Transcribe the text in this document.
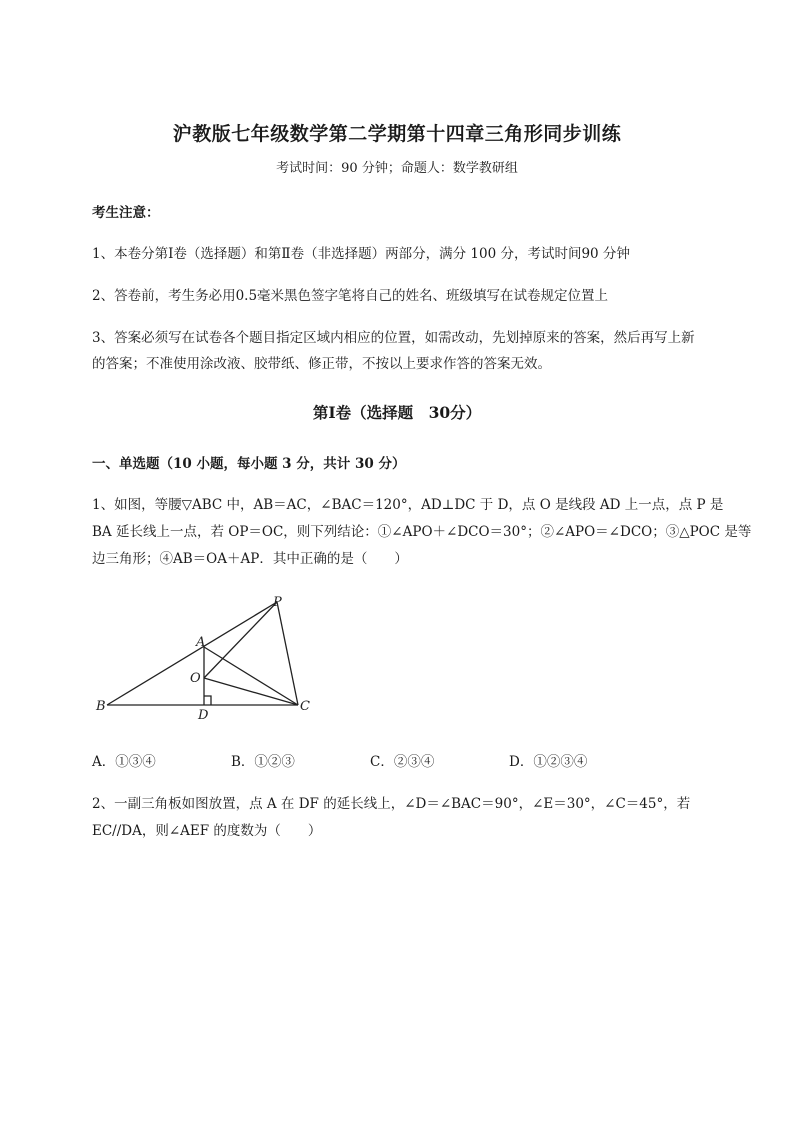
沪教版七年级数学第二学期第十四章三角形同步训练
考试时间：90 分钟；命题人：数学教研组
考生注意：
1、本卷分第Ⅰ卷（选择题）和第Ⅱ卷（非选择题）两部分，满分 100 分，考试时间90 分钟
2、答卷前，考生务必用0.5毫米黑色签字笔将自己的姓名、班级填写在试卷规定位置上
3、答案必须写在试卷各个题目指定区域内相应的位置，如需改动，先划掉原来的答案，然后再写上新
的答案；不准使用涂改液、胶带纸、修正带，不按以上要求作答的答案无效。
第Ⅰ卷（选择题　30分）
一、单选题（10 小题，每小题 3 分，共计 30 分）
1、如图，等腰▽ABC 中，AB＝AC，∠BAC＝120°，AD⊥DC 于 D，点 O 是线段 AD 上一点，点 P 是
BA 延长线上一点，若 OP＝OC，则下列结论：①∠APO＋∠DCO＝30°；②∠APO＝∠DCO；③△POC 是等
边三角形；④AB＝OA＋AP．其中正确的是（　　）
P
A
O
B
D
C
A．①③④	B．①②③	C．②③④	D．①②③④
2、一副三角板如图放置，点 A 在 DF 的延长线上，∠D＝∠BAC＝90°，∠E＝30°，∠C＝45°，若
EC//DA，则∠AEF 的度数为（　　）
